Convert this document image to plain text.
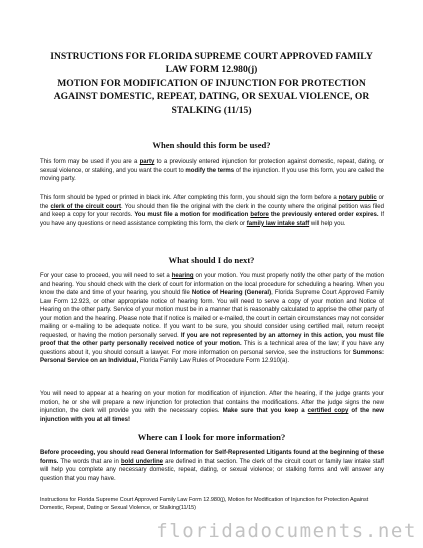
INSTRUCTIONS FOR FLORIDA SUPREME COURT APPROVED FAMILY
LAW FORM 12.980(j)
MOTION FOR MODIFICATION OF INJUNCTION FOR PROTECTION
AGAINST DOMESTIC, REPEAT, DATING, OR SEXUAL VIOLENCE, OR
STALKING (11/15)
When should this form be used?

This form may be used if you are a party to a previously entered injunction for protection against domestic, repeat, dating, or sexual violence, or stalking, and you want the court to modify the terms of the injunction. If you use this form, you are called the moving party.

This form should be typed or printed in black ink. After completing this form, you should sign the form before a notary public or the clerk of the circuit court. You should then file the original with the clerk in the county where the original petition was filed and keep a copy for your records. You must file a motion for modification before the previously entered order expires. If you have any questions or need assistance completing this form, the clerk or family law intake staff will help you.

What should I do next?

For your case to proceed, you will need to set a hearing on your motion. You must properly notify the other party of the motion and hearing. You should check with the clerk of court for information on the local procedure for scheduling a hearing. When you know the date and time of your hearing, you should file Notice of Hearing (General), Florida Supreme Court Approved Family Law Form 12.923, or other appropriate notice of hearing form. You will need to serve a copy of your motion and Notice of Hearing on the other party. Service of your motion must be in a manner that is reasonably calculated to apprise the other party of your motion and the hearing. Please note that if notice is mailed or e-mailed, the court in certain circumstances may not consider mailing or e-mailing to be adequate notice. If you want to be sure, you should consider using certified mail, return receipt requested, or having the motion personally served. If you are not represented by an attorney in this action, you must file proof that the other party personally received notice of your motion. This is a technical area of the law; if you have any questions about it, you should consult a lawyer. For more information on personal service, see the instructions for Summons: Personal Service on an Individual, Florida Family Law Rules of Procedure Form 12.910(a).

You will need to appear at a hearing on your motion for modification of injunction. After the hearing, if the judge grants your motion, he or she will prepare a new injunction for protection that contains the modifications. After the judge signs the new injunction, the clerk will provide you with the necessary copies. Make sure that you keep a certified copy of the new injunction with you at all times!

Where can I look for more information?

Before proceeding, you should read General Information for Self-Represented Litigants found at the beginning of these forms. The words that are in bold underline are defined in that section. The clerk of the circuit court or family law intake staff will help you complete any necessary domestic, repeat, dating, or sexual violence; or stalking forms and will answer any question that you may have.

Instructions for Florida Supreme Court Approved Family Law Form 12.980(j), Motion for Modification of Injunction for Protection Against Domestic, Repeat, Dating or Sexual Violence, or Stalking(11/15)

floridadocuments.net
